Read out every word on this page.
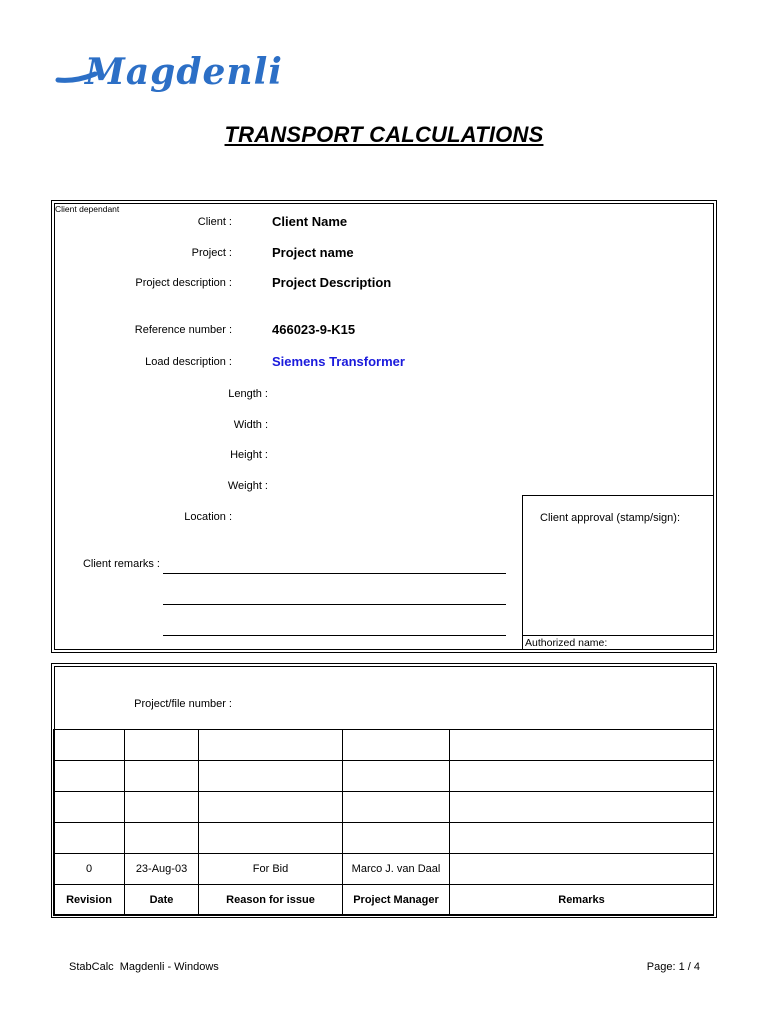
Magdenli
TRANSPORT CALCULATIONS
Client dependant
Client :	Client Name
Project :	Project name
Project description :	Project Description
Reference number :	466023-9-K15
Load description :	Siemens Transformer
Length :
Width :
Height :
Weight :
Location :
Client remarks :
Client approval (stamp/sign):
Authorized name:
Project/file number :

0	23-Aug-03	For Bid	Marco J. van Daal	
Revision	Date	Reason for issue	Project Manager	Remarks
StabCalc  Magdenli - Windows	Page: 1 / 4
